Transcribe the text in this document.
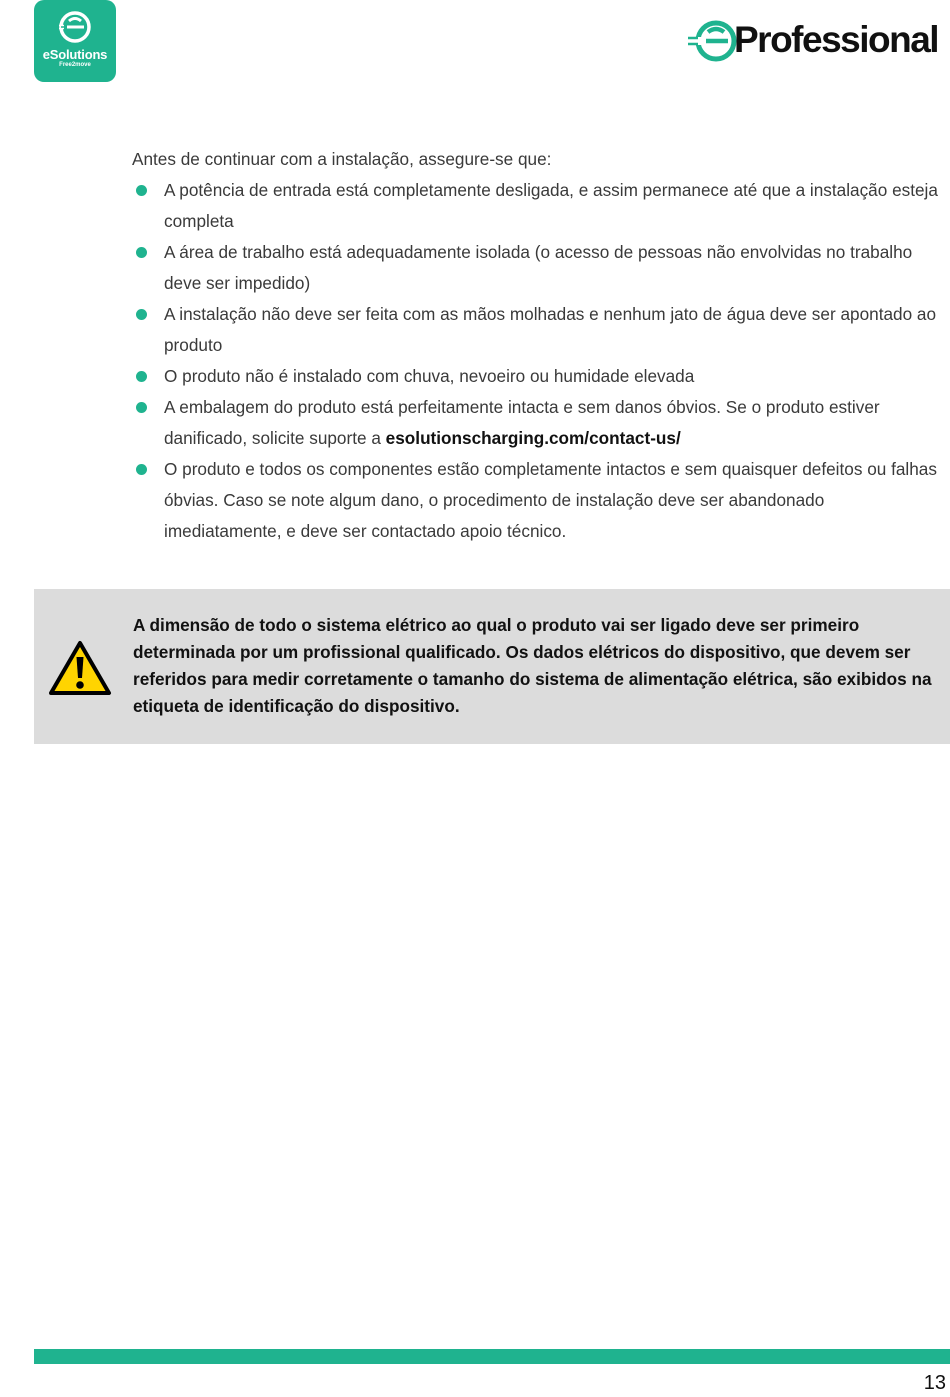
eSolutions
Free2move
Professional

Antes de continuar com a instalação, assegure-se que:

A potência de entrada está completamente desligada, e assim permanece até que a instalação esteja completa
A área de trabalho está adequadamente isolada (o acesso de pessoas não envolvidas no trabalho deve ser impedido)
A instalação não deve ser feita com as mãos molhadas e nenhum jato de água deve ser apontado ao produto
O produto não é instalado com chuva, nevoeiro ou humidade elevada
A embalagem do produto está perfeitamente intacta e sem danos óbvios. Se o produto estiver danificado, solicite suporte a esolutionscharging.com/contact-us/
O produto e todos os componentes estão completamente intactos e sem quaisquer defeitos ou falhas óbvias. Caso se note algum dano, o procedimento de instalação deve ser abandonado imediatamente, e deve ser contactado apoio técnico.
A dimensão de todo o sistema elétrico ao qual o produto vai ser ligado deve ser primeiro determinada por um profissional qualificado. Os dados elétricos do dispositivo, que devem ser referidos para medir corretamente o tamanho do sistema de alimentação elétrica, são exibidos na etiqueta de identificação do dispositivo.
13
